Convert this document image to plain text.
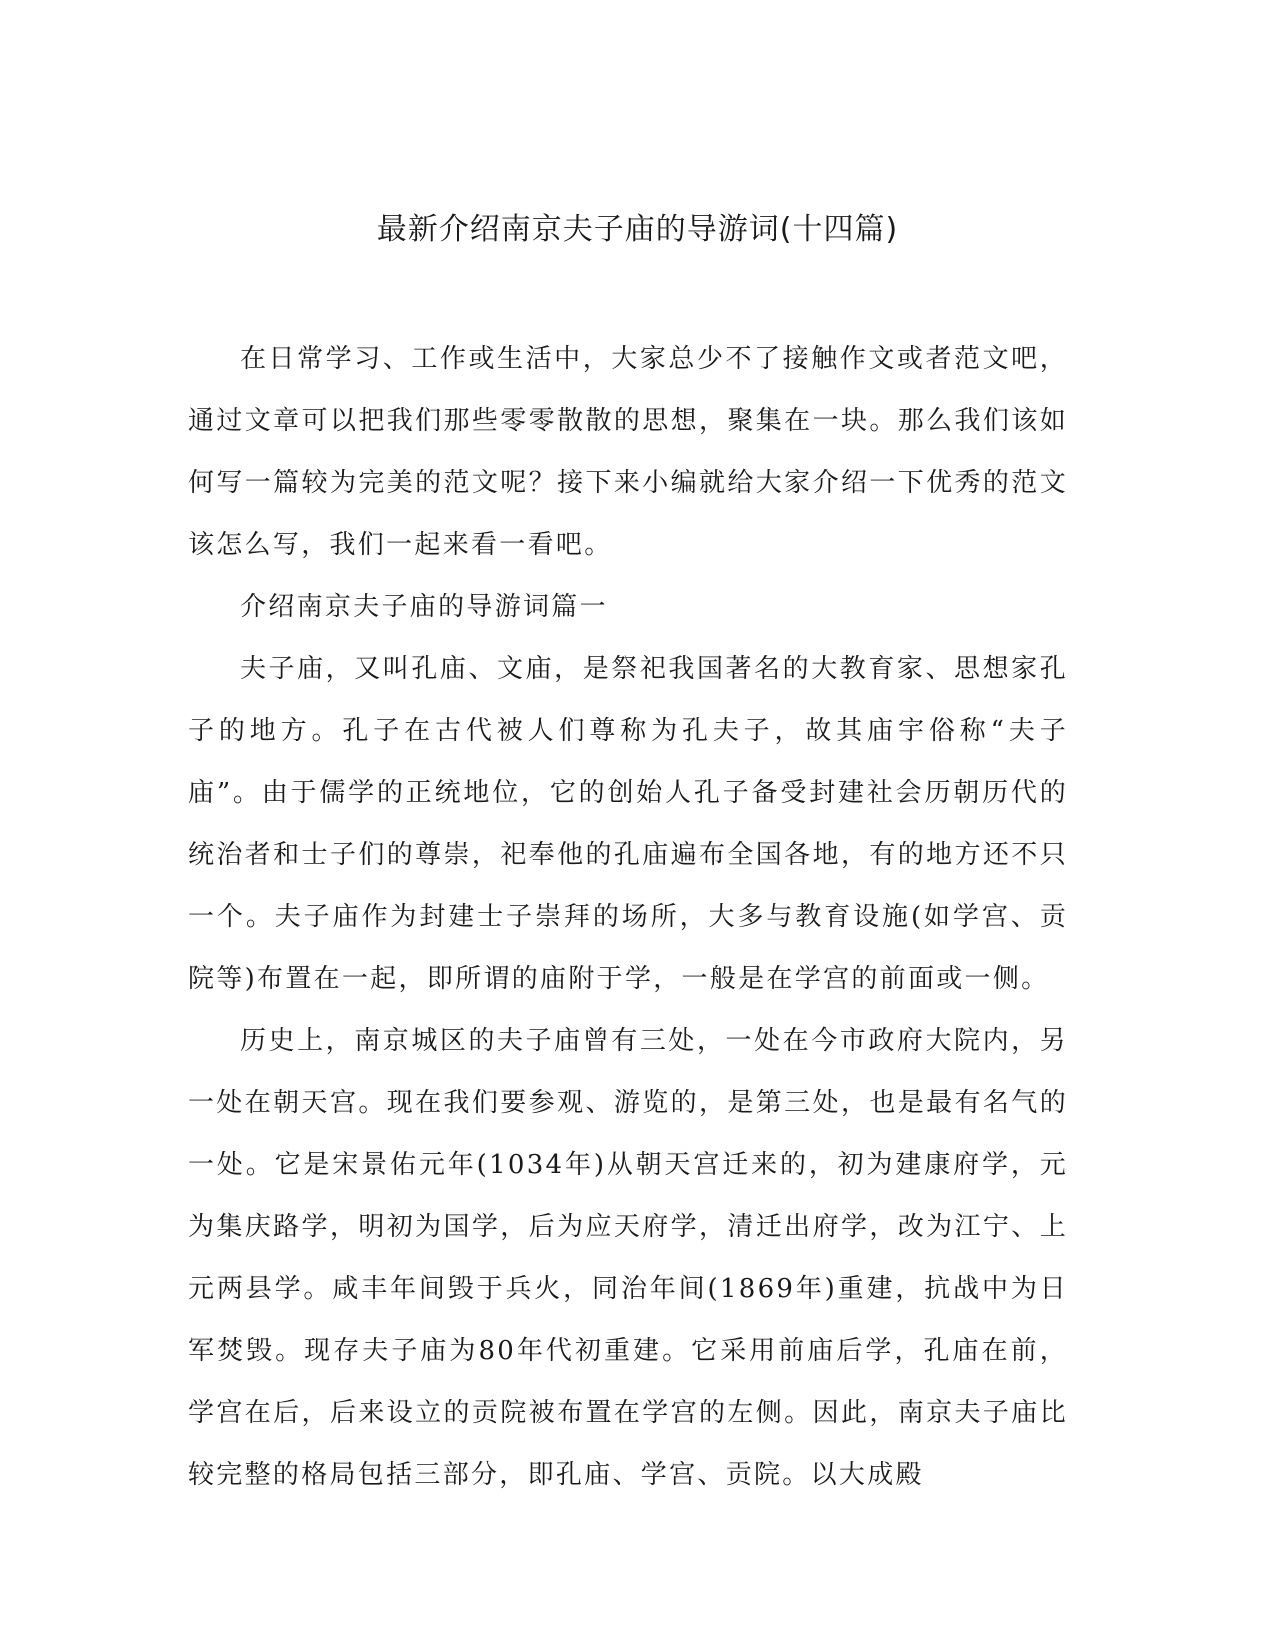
最新介绍南京夫子庙的导游词(十四篇)

在日常学习、工作或生活中，大家总少不了接触作文或者范文吧，通过文章可以把我们那些零零散散的思想，聚集在一块。那么我们该如何写一篇较为完美的范文呢？接下来小编就给大家介绍一下优秀的范文该怎么写，我们一起来看一看吧。

介绍南京夫子庙的导游词篇一

夫子庙，又叫孔庙、文庙，是祭祀我国著名的大教育家、思想家孔子的地方。孔子在古代被人们尊称为孔夫子，故其庙宇俗称“夫子庙”。由于儒学的正统地位，它的创始人孔子备受封建社会历朝历代的统治者和士子们的尊崇，祀奉他的孔庙遍布全国各地，有的地方还不只一个。夫子庙作为封建士子崇拜的场所，大多与教育设施(如学宫、贡院等)布置在一起，即所谓的庙附于学，一般是在学宫的前面或一侧。

历史上，南京城区的夫子庙曾有三处，一处在今市政府大院内，另一处在朝天宫。现在我们要参观、游览的，是第三处，也是最有名气的一处。它是宋景佑元年(1034年)从朝天宫迁来的，初为建康府学，元为集庆路学，明初为国学，后为应天府学，清迁出府学，改为江宁、上元两县学。咸丰年间毁于兵火，同治年间(1869年)重建，抗战中为日军焚毁。现存夫子庙为80年代初重建。它采用前庙后学，孔庙在前，学宫在后，后来设立的贡院被布置在学宫的左侧。因此，南京夫子庙比较完整的格局包括三部分，即孔庙、学宫、贡院。以大成殿
